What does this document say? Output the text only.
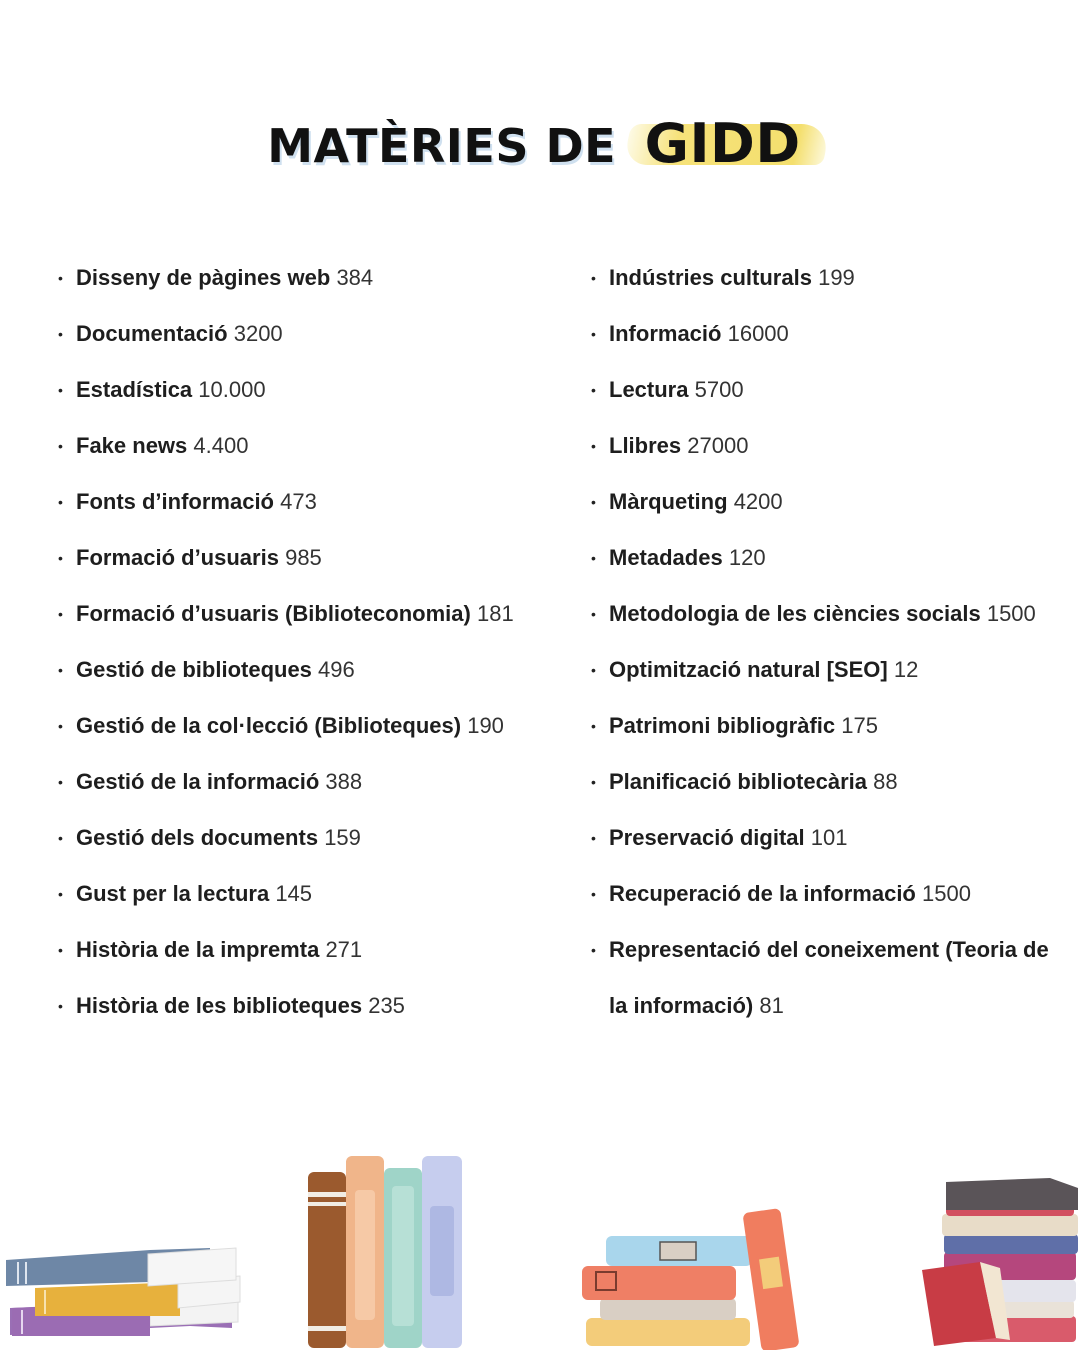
MATÈRIES DE GIDD
• Disseny de pàgines web 384
• Documentació 3200
• Estadística 10.000
• Fake news 4.400
• Fonts d’informació 473
• Formació d’usuaris 985
• Formació d’usuaris (Biblioteconomia) 181
• Gestió de biblioteques 496
• Gestió de la col·lecció (Biblioteques) 190
• Gestió de la informació 388
• Gestió dels documents 159
• Gust per la lectura 145
• Història de la impremta 271
• Història de les biblioteques 235
• Indústries culturals 199
• Informació 16000
• Lectura 5700
• Llibres 27000
• Màrqueting 4200
• Metadades 120
• Metodologia de les ciències socials 1500
• Optimització natural [SEO] 12
• Patrimoni bibliogràfic 175
• Planificació bibliotecària 88
• Preservació digital 101
• Recuperació de la informació 1500
• Representació del coneixement (Teoria de la informació) 81
